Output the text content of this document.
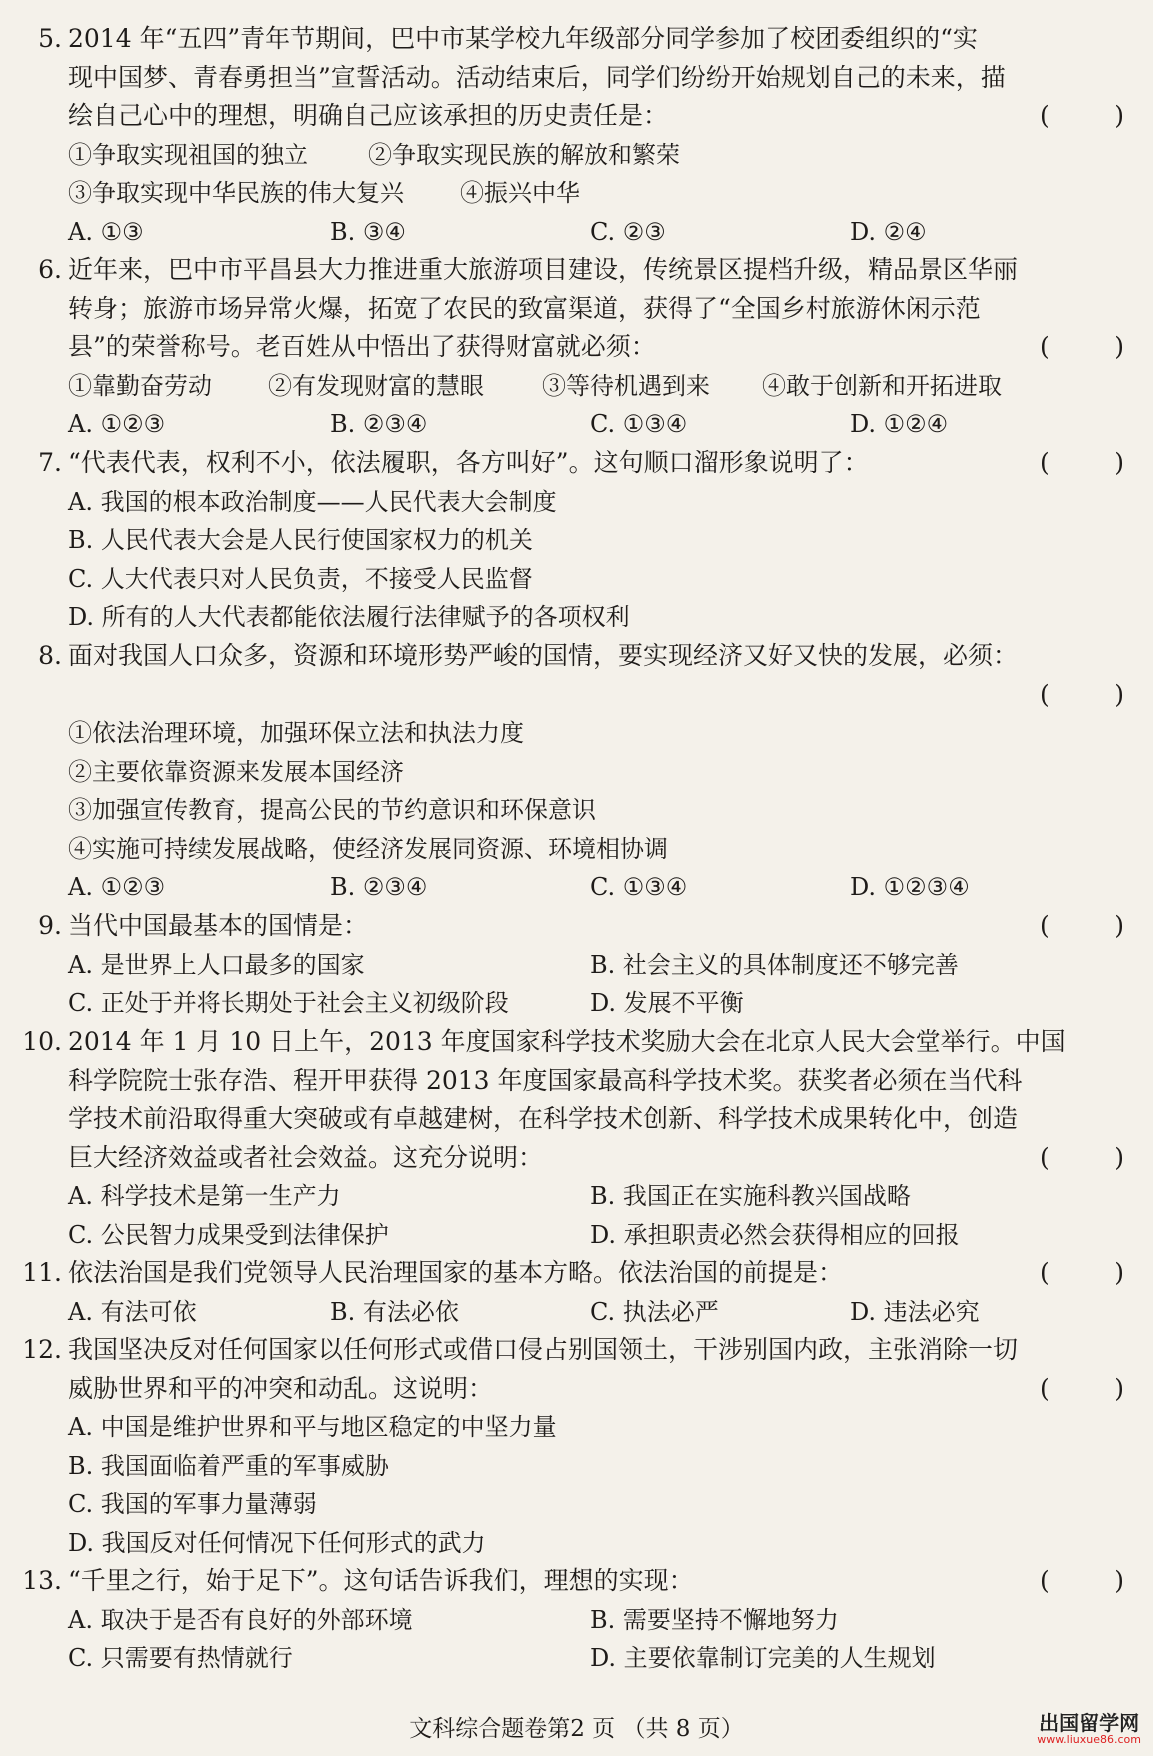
5. 2014 年“五四”青年节期间，巴中市某学校九年级部分同学参加了校团委组织的“实
现中国梦、青春勇担当”宣誓活动。活动结束后，同学们纷纷开始规划自己的未来，描
绘自己心中的理想，明确自己应该承担的历史责任是：	(	)
①争取实现祖国的独立	②争取实现民族的解放和繁荣
③争取实现中华民族的伟大复兴 ④振兴中华
A. ①③	B. ③④	C. ②③	D. ②④
6. 近年来，巴中市平昌县大力推进重大旅游项目建设，传统景区提档升级，精品景区华丽
转身；旅游市场异常火爆，拓宽了农民的致富渠道，获得了“全国乡村旅游休闲示范
县”的荣誉称号。老百姓从中悟出了获得财富就必须：	(	)
①靠勤奋劳动 ②有发现财富的慧眼 ③等待机遇到来 ④敢于创新和开拓进取
A. ①②③	B. ②③④	C. ①③④	D. ①②④
7. “代表代表，权利不小，依法履职，各方叫好”。这句顺口溜形象说明了：	(	)
A. 我国的根本政治制度——人民代表大会制度
B. 人民代表大会是人民行使国家权力的机关
C. 人大代表只对人民负责，不接受人民监督
D. 所有的人大代表都能依法履行法律赋予的各项权利
8. 面对我国人口众多，资源和环境形势严峻的国情，要实现经济又好又快的发展，必须：
(	)
①依法治理环境，加强环保立法和执法力度
②主要依靠资源来发展本国经济
③加强宣传教育，提高公民的节约意识和环保意识
④实施可持续发展战略，使经济发展同资源、环境相协调
A. ①②③	B. ②③④	C. ①③④	D. ①②③④
9. 当代中国最基本的国情是：	(	)
A. 是世界上人口最多的国家	B. 社会主义的具体制度还不够完善
C. 正处于并将长期处于社会主义初级阶段	D. 发展不平衡
10. 2014 年 1 月 10 日上午，2013 年度国家科学技术奖励大会在北京人民大会堂举行。中国
科学院院士张存浩、程开甲获得 2013 年度国家最高科学技术奖。获奖者必须在当代科
学技术前沿取得重大突破或有卓越建树，在科学技术创新、科学技术成果转化中，创造
巨大经济效益或者社会效益。这充分说明：	(	)
A. 科学技术是第一生产力	B. 我国正在实施科教兴国战略
C. 公民智力成果受到法律保护	D. 承担职责必然会获得相应的回报
11. 依法治国是我们党领导人民治理国家的基本方略。依法治国的前提是：	(	)
A. 有法可依	B. 有法必依	C. 执法必严	D. 违法必究
12. 我国坚决反对任何国家以任何形式或借口侵占别国领土，干涉别国内政，主张消除一切
威胁世界和平的冲突和动乱。这说明：	(	)
A. 中国是维护世界和平与地区稳定的中坚力量
B. 我国面临着严重的军事威胁
C. 我国的军事力量薄弱
D. 我国反对任何情况下任何形式的武力
13. “千里之行，始于足下”。这句话告诉我们，理想的实现：	(	)
A. 取决于是否有良好的外部环境	B. 需要坚持不懈地努力
C. 只需要有热情就行	D. 主要依靠制订完美的人生规划
文科综合题卷第2 页 （共 8 页）	出国留学网
www.liuxue86.com
